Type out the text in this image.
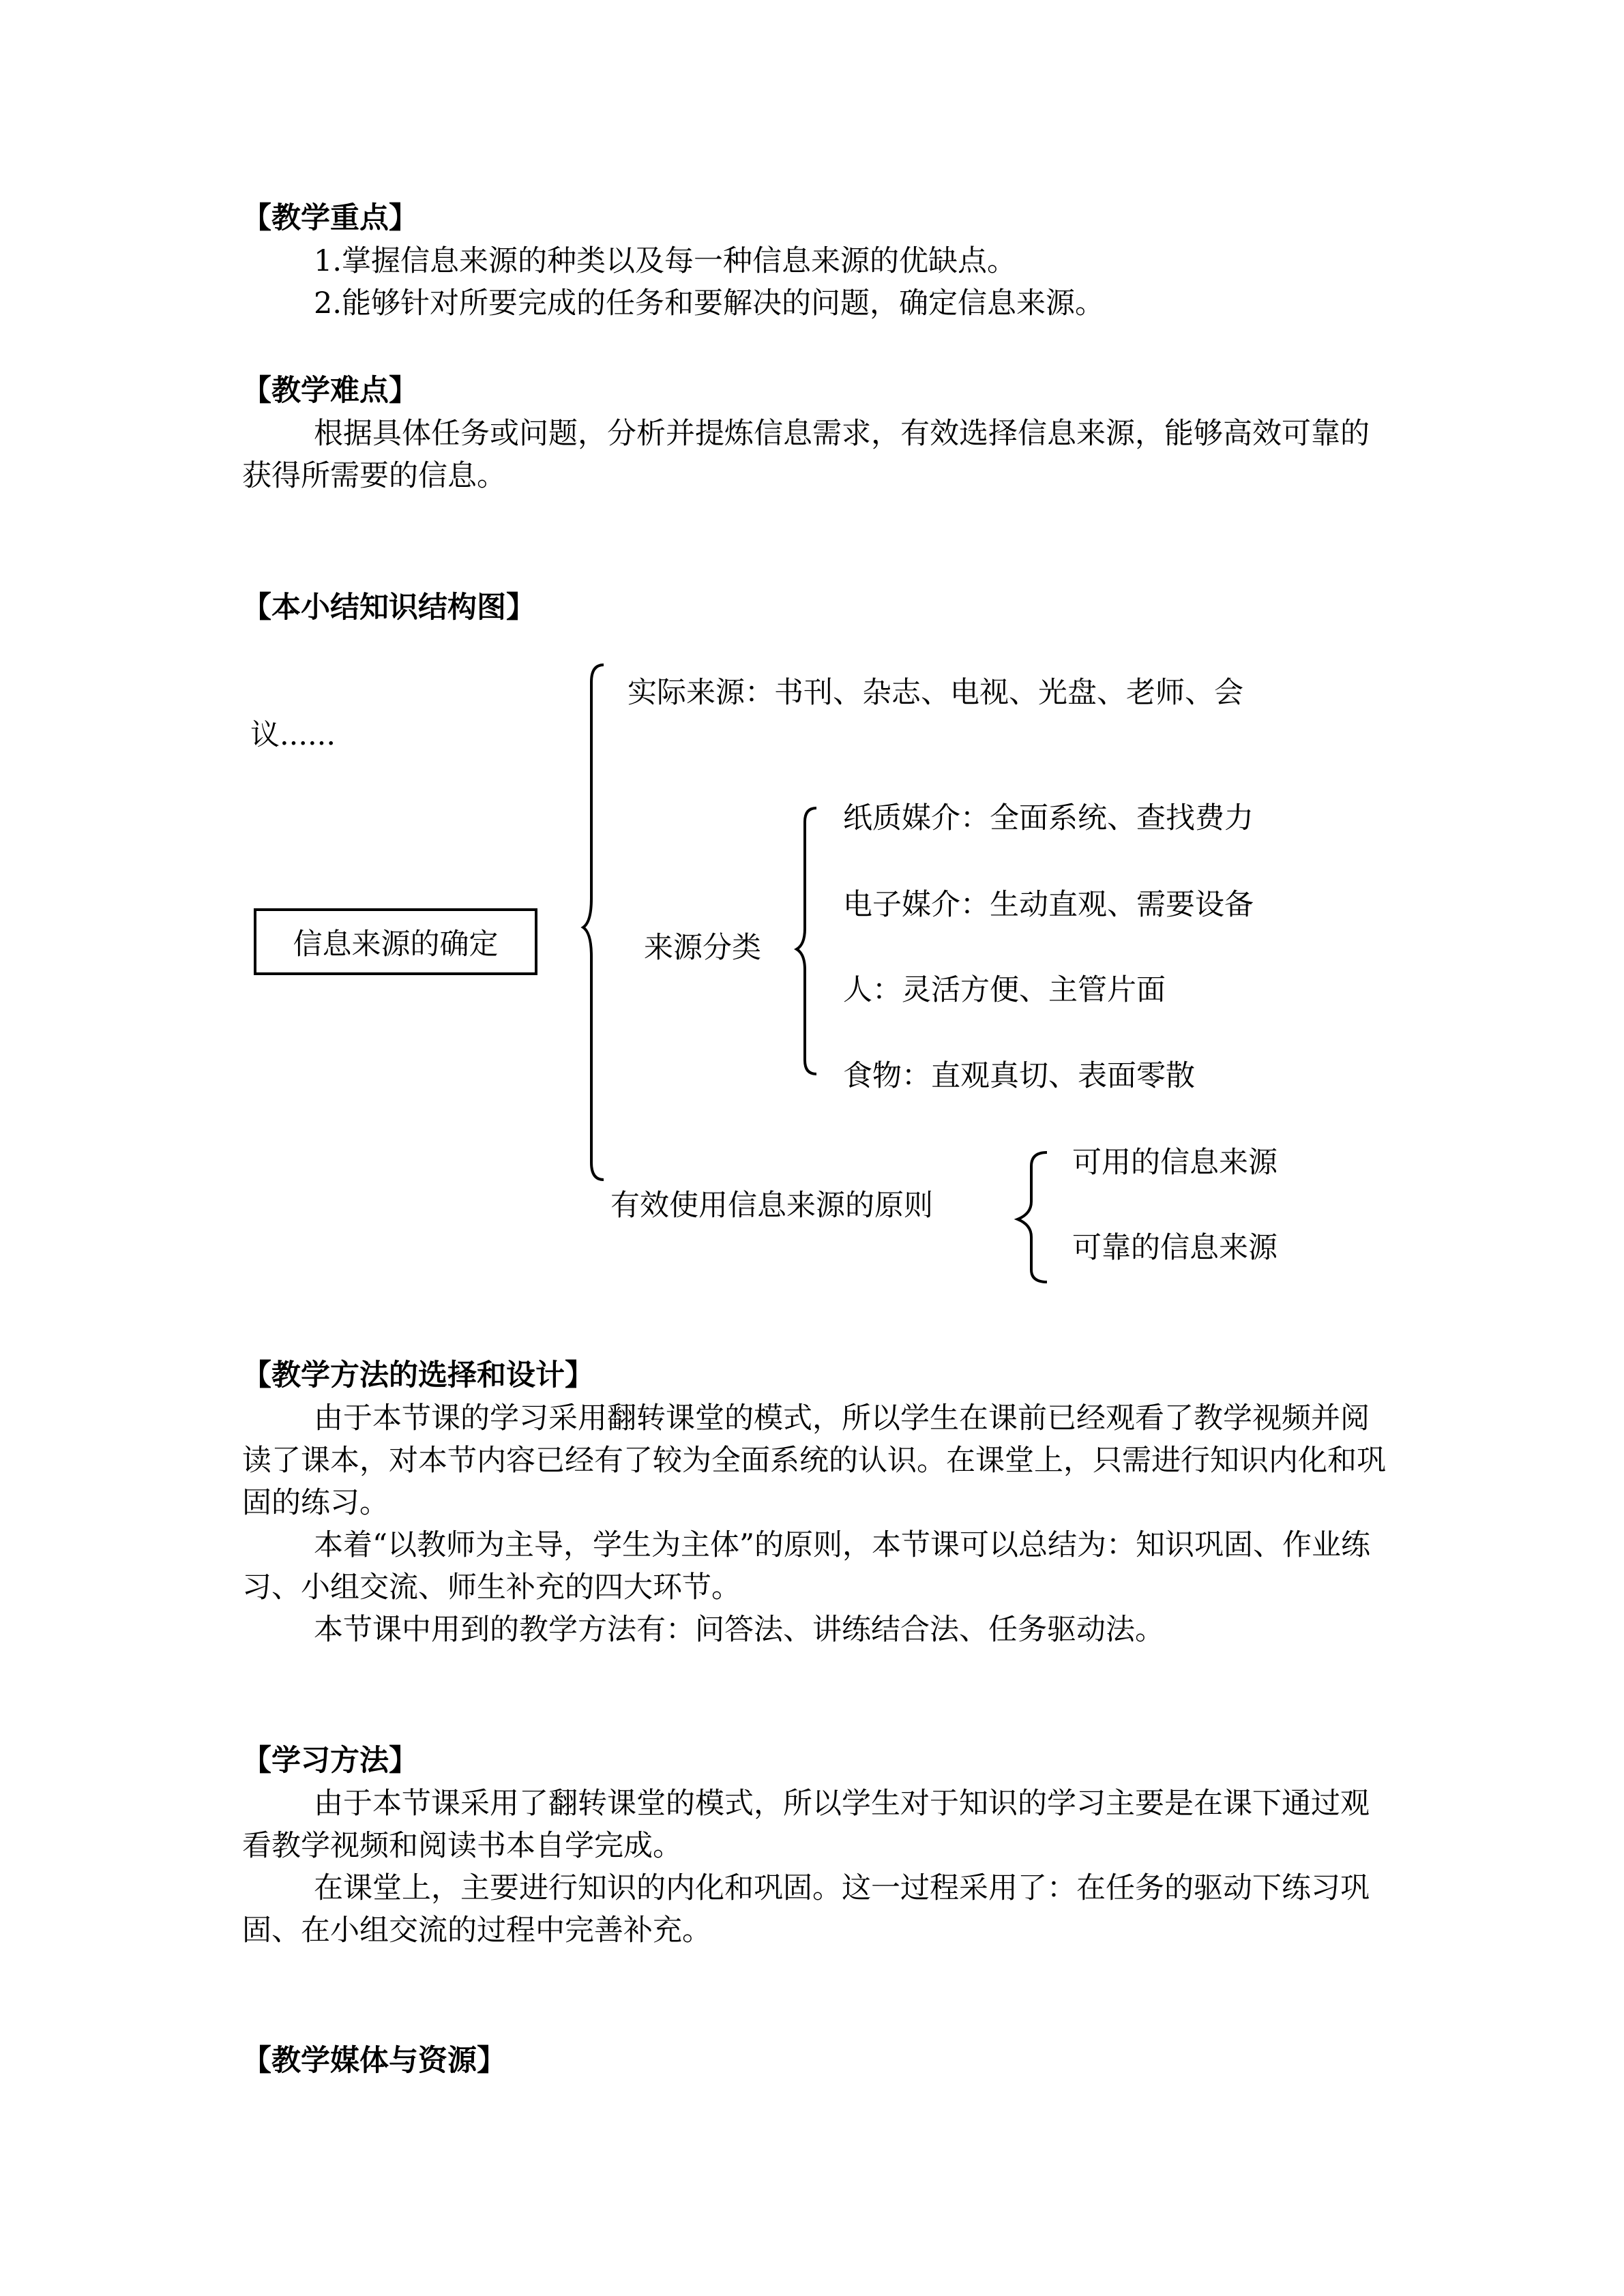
【教学重点】
1.掌握信息来源的种类以及每一种信息来源的优缺点。
2.能够针对所要完成的任务和要解决的问题，确定信息来源。
【教学难点】

根据具体任务或问题，分析并提炼信息需求，有效选择信息来源，能够高效可靠的获得所需要的信息。

【本小结知识结构图】
实际来源：书刊、杂志、电视、光盘、老师、会
议......
信息来源的确定	来源分类
纸质媒介：全面系统、查找费力
电子媒介：生动直观、需要设备
人：灵活方便、主管片面
食物：直观真切、表面零散
有效使用信息来源的原则
可用的信息来源
可靠的信息来源
【教学方法的选择和设计】

由于本节课的学习采用翻转课堂的模式，所以学生在课前已经观看了教学视频并阅读了课本，对本节内容已经有了较为全面系统的认识。在课堂上，只需进行知识内化和巩固的练习。

本着“以教师为主导，学生为主体”的原则，本节课可以总结为：知识巩固、作业练习、小组交流、师生补充的四大环节。

本节课中用到的教学方法有：问答法、讲练结合法、任务驱动法。

【学习方法】

由于本节课采用了翻转课堂的模式，所以学生对于知识的学习主要是在课下通过观看教学视频和阅读书本自学完成。

在课堂上，主要进行知识的内化和巩固。这一过程采用了：在任务的驱动下练习巩固、在小组交流的过程中完善补充。

【教学媒体与资源】
